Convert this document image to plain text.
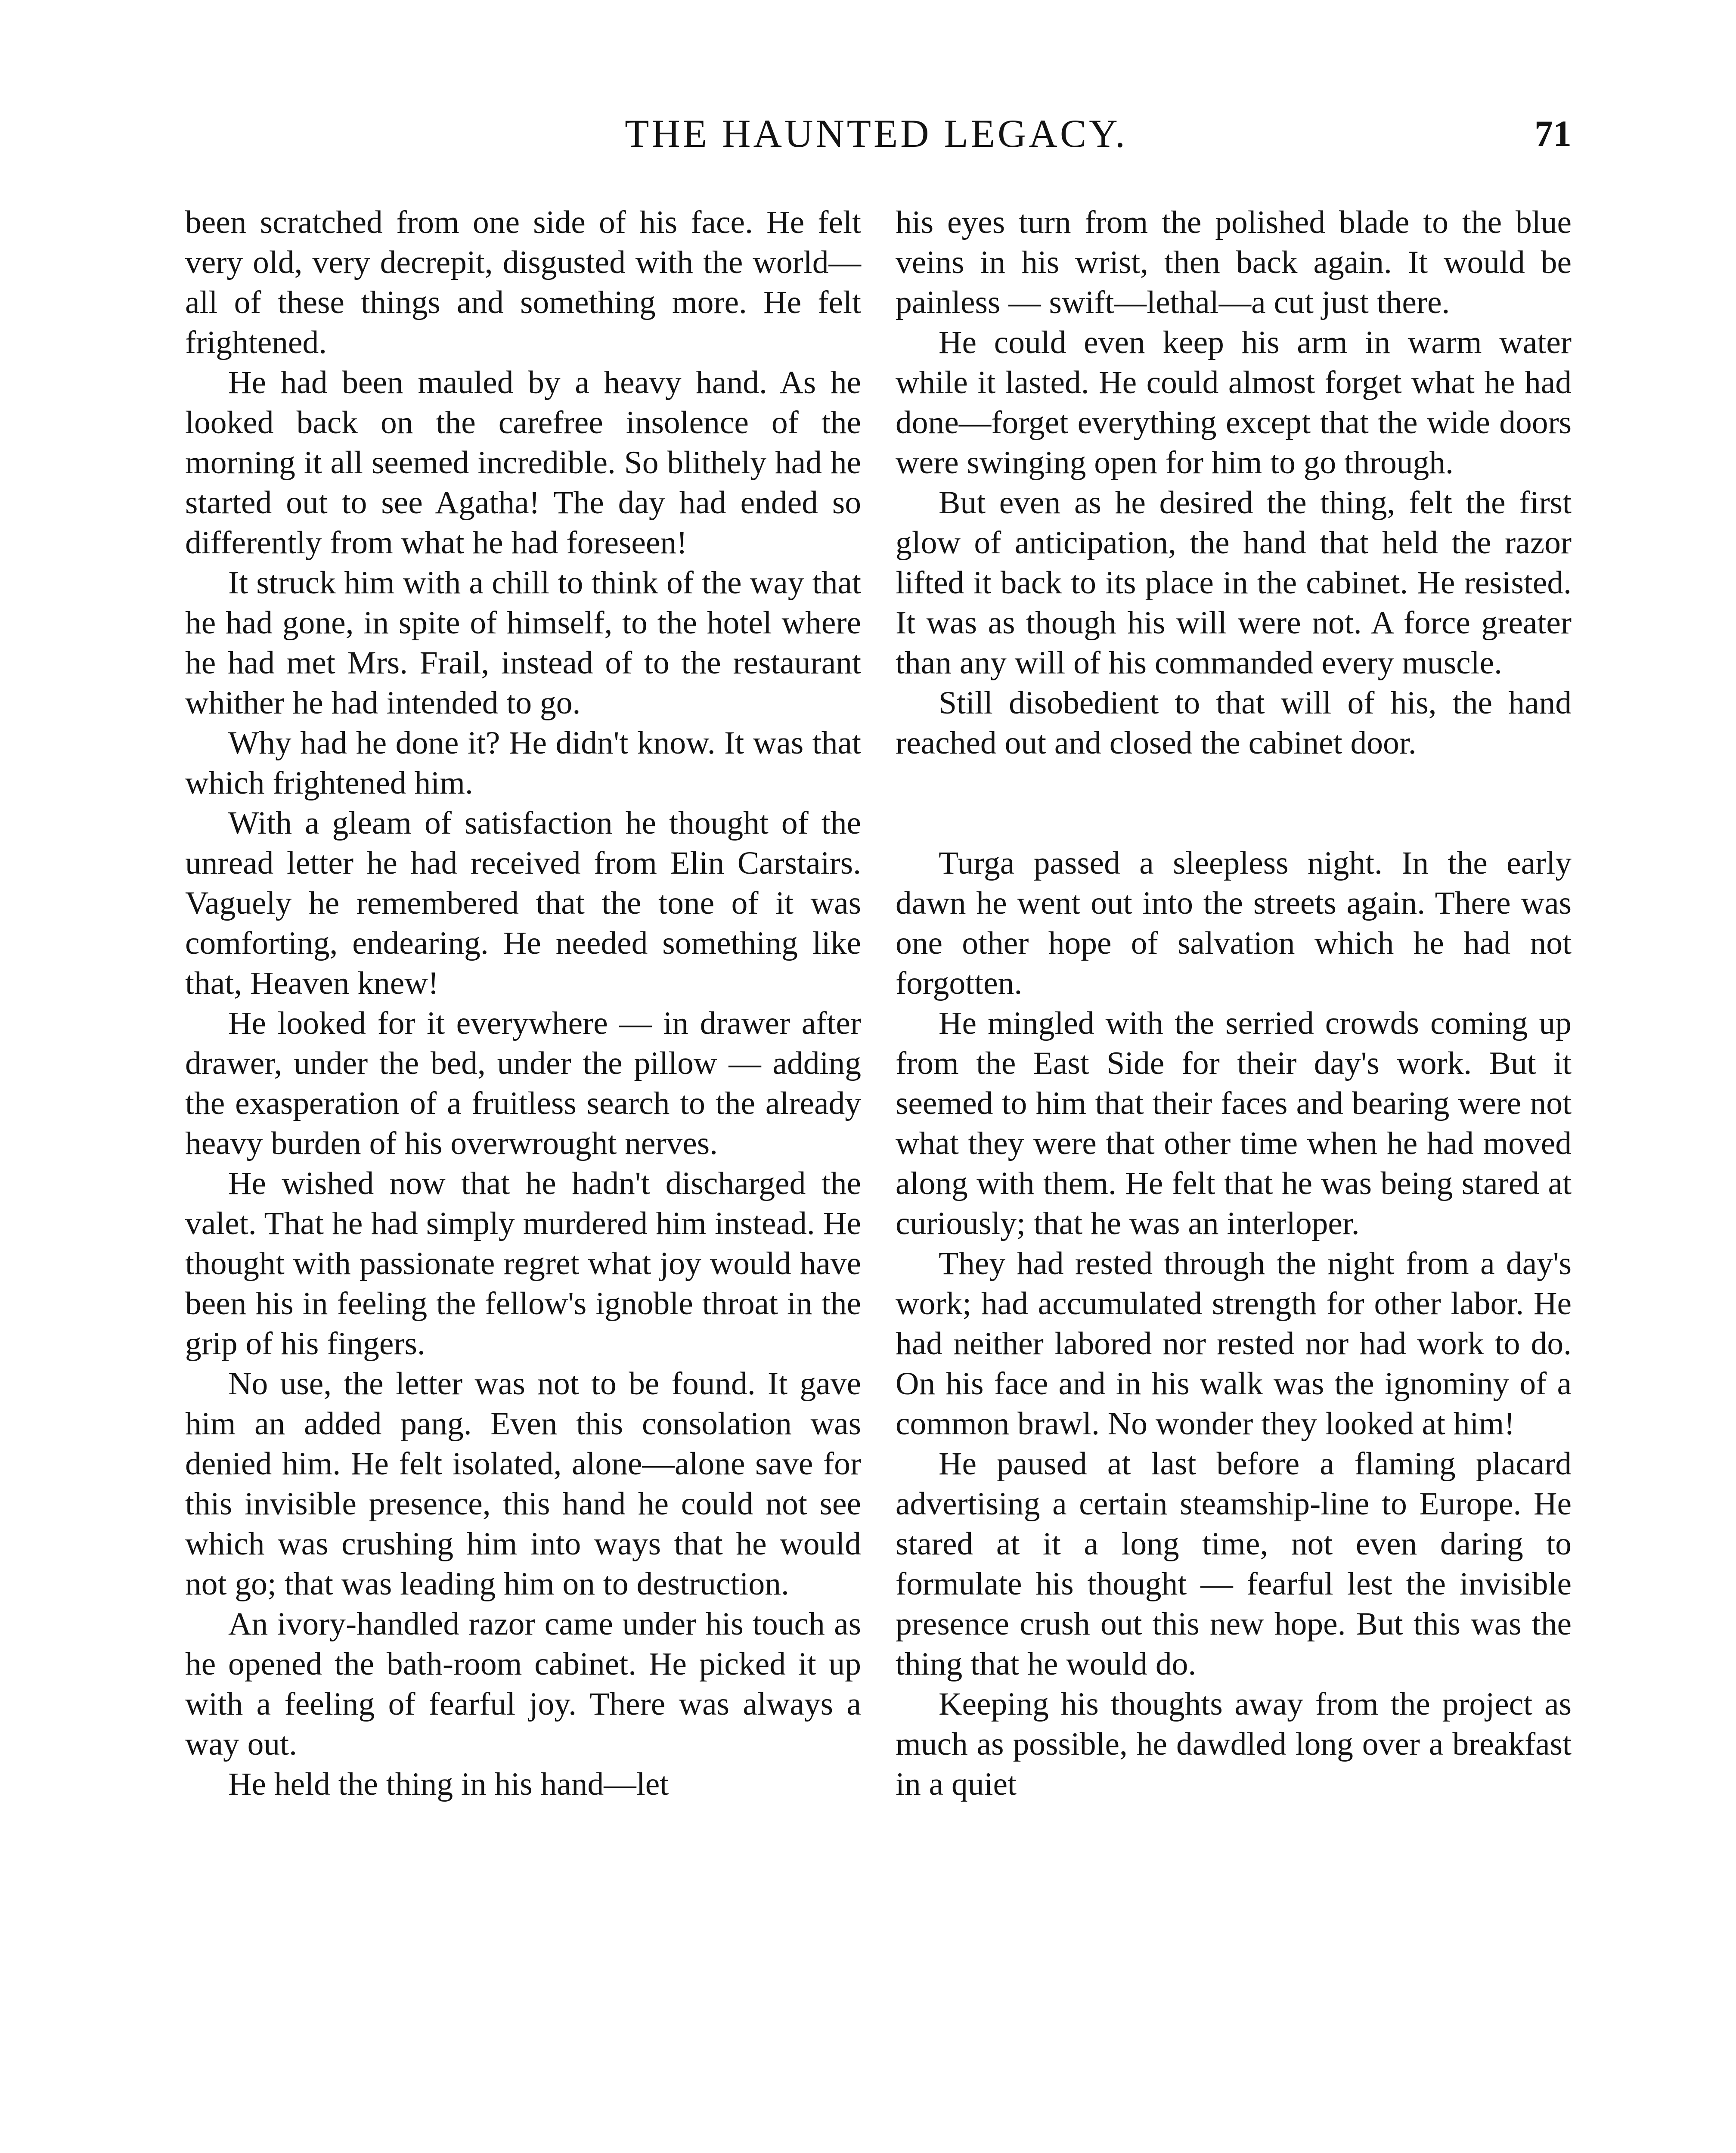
THE HAUNTED LEGACY.	71

been scratched from one side of his face. He felt very old, very decrepit, disgusted with the world—all of these things and something more. He felt frightened.

He had been mauled by a heavy hand. As he looked back on the carefree insolence of the morning it all seemed incredible. So blithely had he started out to see Agatha! The day had ended so differently from what he had foreseen!

It struck him with a chill to think of the way that he had gone, in spite of himself, to the hotel where he had met Mrs. Frail, instead of to the restaurant whither he had intended to go.

Why had he done it? He didn't know. It was that which frightened him.

With a gleam of satisfaction he thought of the unread letter he had received from Elin Carstairs. Vaguely he remembered that the tone of it was comforting, endearing. He needed something like that, Heaven knew!

He looked for it everywhere — in drawer after drawer, under the bed, under the pillow — adding the exasperation of a fruitless search to the already heavy burden of his overwrought nerves.

He wished now that he hadn't discharged the valet. That he had simply murdered him instead. He thought with passionate regret what joy would have been his in feeling the fellow's ignoble throat in the grip of his fingers.

No use, the letter was not to be found. It gave him an added pang. Even this consolation was denied him. He felt isolated, alone—alone save for this invisible presence, this hand he could not see which was crushing him into ways that he would not go; that was leading him on to destruction.

An ivory-handled razor came under his touch as he opened the bath-room cabinet. He picked it up with a feeling of fearful joy. There was always a way out.

He held the thing in his hand—let

his eyes turn from the polished blade to the blue veins in his wrist, then back again. It would be painless — swift—lethal—a cut just there.

He could even keep his arm in warm water while it lasted. He could almost forget what he had done—forget everything except that the wide doors were swinging open for him to go through.

But even as he desired the thing, felt the first glow of anticipation, the hand that held the razor lifted it back to its place in the cabinet. He resisted. It was as though his will were not. A force greater than any will of his commanded every muscle.

Still disobedient to that will of his, the hand reached out and closed the cabinet door.

Turga passed a sleepless night. In the early dawn he went out into the streets again. There was one other hope of salvation which he had not forgotten.

He mingled with the serried crowds coming up from the East Side for their day's work. But it seemed to him that their faces and bearing were not what they were that other time when he had moved along with them. He felt that he was being stared at curiously; that he was an interloper.

They had rested through the night from a day's work; had accumulated strength for other labor. He had neither labored nor rested nor had work to do. On his face and in his walk was the ignominy of a common brawl. No wonder they looked at him!

He paused at last before a flaming placard advertising a certain steamship-line to Europe. He stared at it a long time, not even daring to formulate his thought — fearful lest the invisible presence crush out this new hope. But this was the thing that he would do.

Keeping his thoughts away from the project as much as possible, he dawdled long over a breakfast in a quiet
